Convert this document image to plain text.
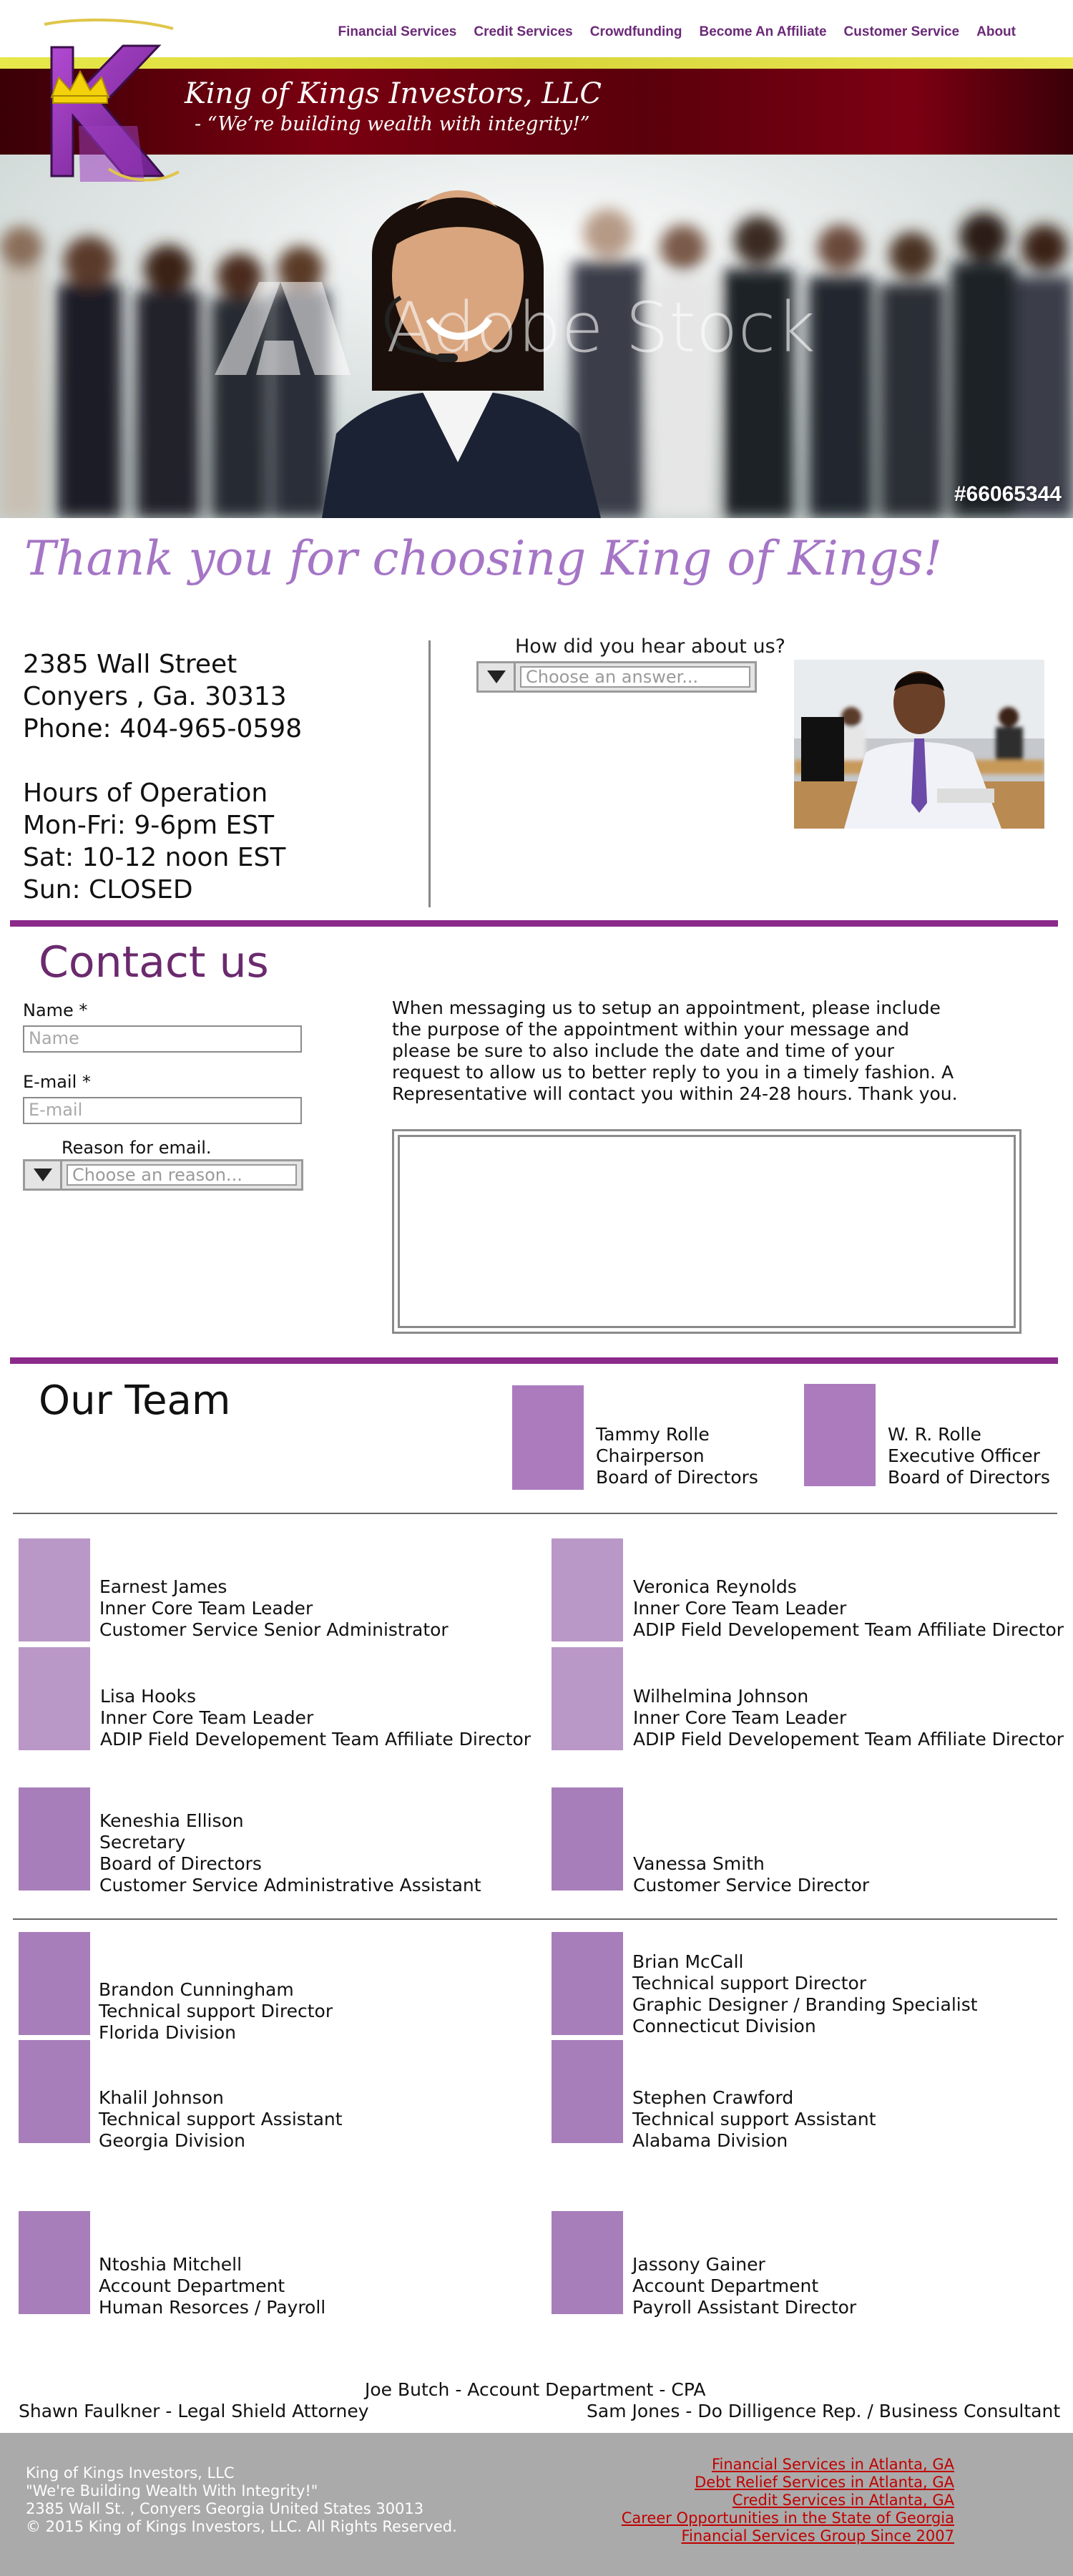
Financial Services Credit Services Crowdfunding Become An Affiliate Customer Service About
King of Kings Investors, LLC
- “We’re building wealth with integrity!”
Adobe Stock
#66065344
Thank you for choosing King of Kings!
2385 Wall Street
Conyers , Ga. 30313
Phone: 404-965-0598
Hours of Operation
Mon-Fri: 9-6pm EST
Sat: 10-12 noon EST
Sun: CLOSED
How did you hear about us?
Choose an answer...
Contact us
Name *
Name
E-mail *
E-mail
Reason for email.
Choose an reason...
When messaging us to setup an appointment, please include the purpose of the appointment within your message and please be sure to also include the date and time of your request to allow us to better reply to you in a timely fashion. A Representative will contact you within 24-28 hours. Thank you.
Our Team
Tammy Rolle
Chairperson
Board of Directors
W. R. Rolle
Executive Officer
Board of Directors
Earnest James
Inner Core Team Leader
Customer Service Senior Administrator
Veronica Reynolds
Inner Core Team Leader
ADIP Field Developement Team Affiliate Director
Lisa Hooks
Inner Core Team Leader
ADIP Field Developement Team Affiliate Director
Wilhelmina Johnson
Inner Core Team Leader
ADIP Field Developement Team Affiliate Director
Keneshia Ellison
Secretary
Board of Directors
Customer Service Administrative Assistant
Vanessa Smith
Customer Service Director
Brandon Cunningham
Technical support Director
Florida Division
Brian McCall
Technical support Director
Graphic Designer / Branding Specialist
Connecticut Division
Khalil Johnson
Technical support Assistant
Georgia Division
Stephen Crawford
Technical support Assistant
Alabama Division
Ntoshia Mitchell
Account Department
Human Resorces / Payroll
Jassony Gainer
Account Department
Payroll Assistant Director
Joe Butch - Account Department - CPA
Shawn Faulkner - Legal Shield Attorney	Sam Jones - Do Dilligence Rep. / Business Consultant
King of Kings Investors, LLC
"We're Building Wealth With Integrity!"
2385 Wall St. , Conyers Georgia United States 30013
© 2015 King of Kings Investors, LLC. All Rights Reserved.
Financial Services in Atlanta, GA
Debt Relief Services in Atlanta, GA
Credit Services in Atlanta, GA
Career Opportunities in the State of Georgia
Financial Services Group Since 2007
